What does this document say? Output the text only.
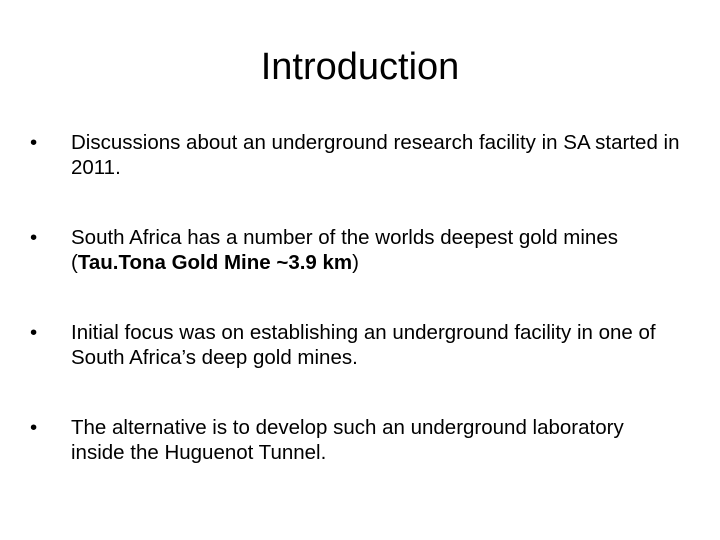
Introduction
•	Discussions about an underground research facility in SA started in 2011.
•	South Africa has a number of the worlds deepest gold mines (Tau.Tona Gold Mine ~3.9 km)
•	Initial focus was on establishing an underground facility in one of South Africa’s deep gold mines.
•	The alternative is to develop such an underground laboratory inside the Huguenot Tunnel.
